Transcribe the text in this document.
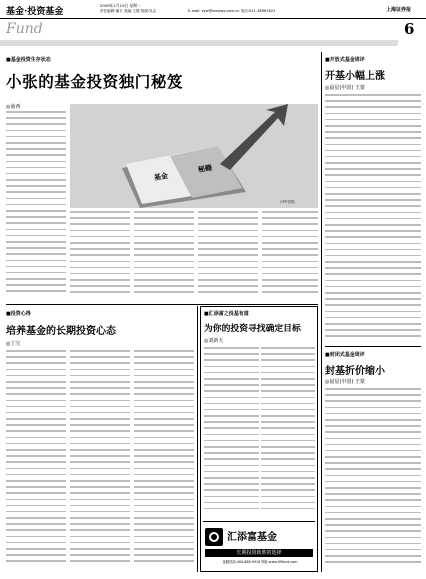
基金·投资基金
2009年1月19日 星期一
责任编辑:蒲丰 美编:王德 组版:吴志	E-mail: zyw@ssnews.com.cn 电话:021-38967821	上海证券报
Fund	6
■基金投资生存状态
小张的基金投资独门秘笈
◎商西
基金
秘籍
CFP供图
■投资心得
培养基金的长期投资心态
◎丁宝
■汇添富之投基有道
为你的投资寻找确定目标
◎刘新天
汇添富基金
长期投资致胜的选择
客服热线:400-888-9918 网址:www.99fund.com
■开放式基金周评
开基小幅上涨
◎晨星(中国) 王蒙
■封闭式基金周评
封基折价缩小
◎晨星(中国) 王蒙
